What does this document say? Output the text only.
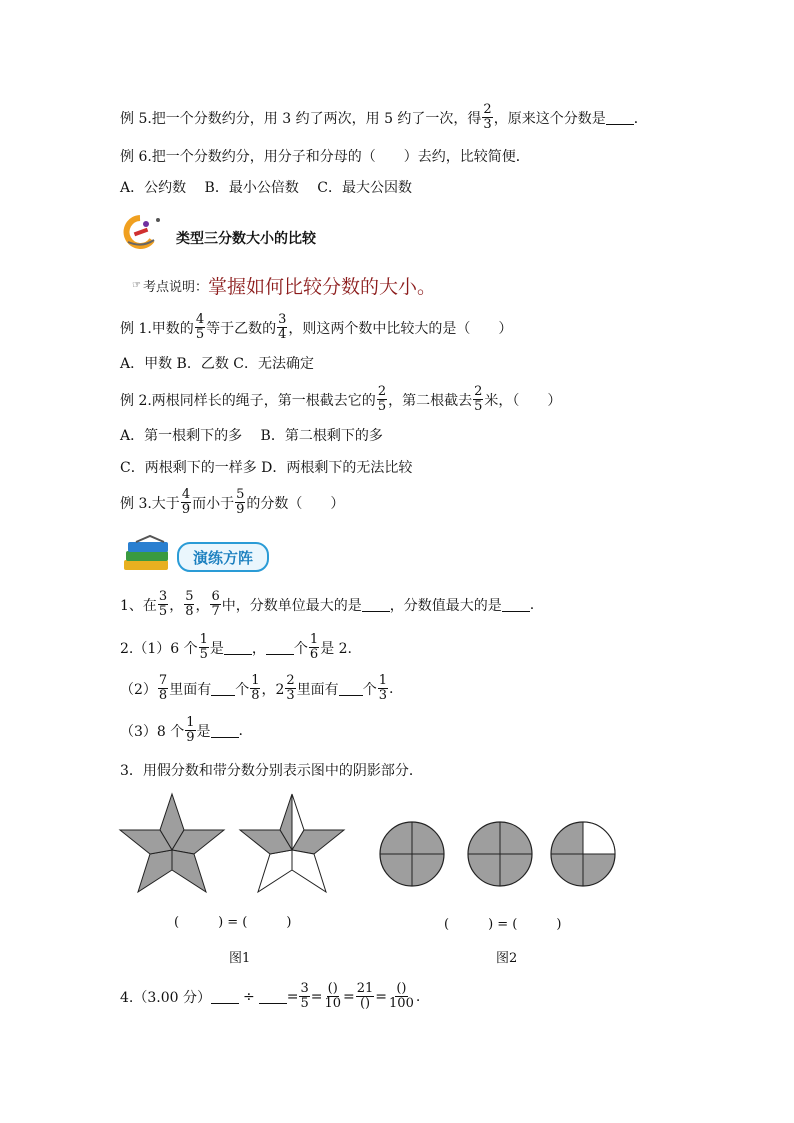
例 5.把一个分数约分，用 3 约了两次，用 5 约了一次，得 $\frac{2}{3}$ ，原来这个分数是 ．
例 6.把一个分数约分，用分子和分母的（　　）去约，比较简便．
A．公约数　 B．最小公倍数　 C．最大公因数
类型三分数大小的比较
☞ 考点说明： 掌握如何比较分数的大小。
例 1.甲数的 $\frac{4}{5}$ 等于乙数的 $\frac{3}{4}$ ，则这两个数中比较大的是（　　）
A．甲数 B．乙数 C．无法确定
例 2.两根同样长的绳子，第一根截去它的 $\frac{2}{5}$ ，第二根截去 $\frac{2}{5}$ 米，（　　）
A．第一根剩下的多　 B．第二根剩下的多
C．两根剩下的一样多 D．两根剩下的无法比较
例 3.大于 $\frac{4}{9}$ 而小于 $\frac{5}{9}$ 的分数（　　）
演练方阵
1、在 $\frac{3}{5}$ ， $\frac{5}{8}$ ， $\frac{6}{7}$ 中，分数单位最大的是 ，分数值最大的是 .
2.（1）6 个 $\frac{1}{5}$ 是 ， 个 $\frac{1}{6}$ 是 2.
$(2) \frac{7}{8}$ 里面有 个 $\frac{1}{8}$ ，$2 \frac{2}{3}$ 里面有 个 $\frac{1}{3}$ .
（3）8 个 $\frac{1}{9}$ 是 .
3．用假分数和带分数分别表示图中的阴影部分．
(　　　) = (　　　)	(　　　) = (　　　)
图1	图2
4.（3.00 分） ÷ = $\frac{3}{5} = \frac{()}{10} = \frac{21}{()} = \frac{()}{100}$ .
